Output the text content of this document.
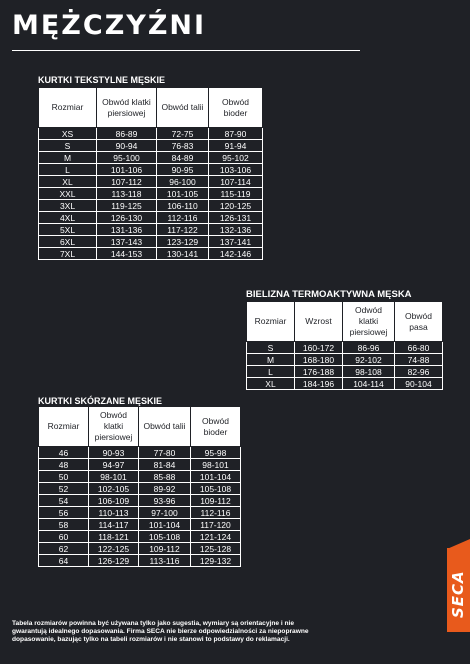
MĘŻCZYŹNI
KURTKI TEKSTYLNE MĘSKIE
Rozmiar	Obwód klatki piersiowej	Obwód talii	Obwód bioder
XS	86-89	72-75	87-90
S	90-94	76-83	91-94
M	95-100	84-89	95-102
L	101-106	90-95	103-106
XL	107-112	96-100	107-114
XXL	113-118	101-105	115-119
3XL	119-125	106-110	120-125
4XL	126-130	112-116	126-131
5XL	131-136	117-122	132-136
6XL	137-143	123-129	137-141
7XL	144-153	130-141	142-146
BIELIZNA TERMOAKTYWNA MĘSKA
Rozmiar	Wzrost	Odwód klatki piersiowej	Obwód pasa
S	160-172	86-96	66-80
M	168-180	92-102	74-88
L	176-188	98-108	82-96
XL	184-196	104-114	90-104
KURTKI SKÓRZANE MĘSKIE
Rozmiar	Obwód klatki piersiowej	Obwód talii	Obwód bioder
46	90-93	77-80	95-98
48	94-97	81-84	98-101
50	98-101	85-88	101-104
52	102-105	89-92	105-108
54	106-109	93-96	109-112
56	110-113	97-100	112-116
58	114-117	101-104	117-120
60	118-121	105-108	121-124
62	122-125	109-112	125-128
64	126-129	113-116	129-132
Tabela rozmiarów powinna być używana tylko jako sugestia, wymiary są orientacyjne i nie
gwarantują idealnego dopasowania. Firma SECA nie bierze odpowiedzialności za niepoprawne
dopasowanie, bazując tylko na tabeli rozmiarów i nie stanowi to podstawy do reklamacji.
SECA
